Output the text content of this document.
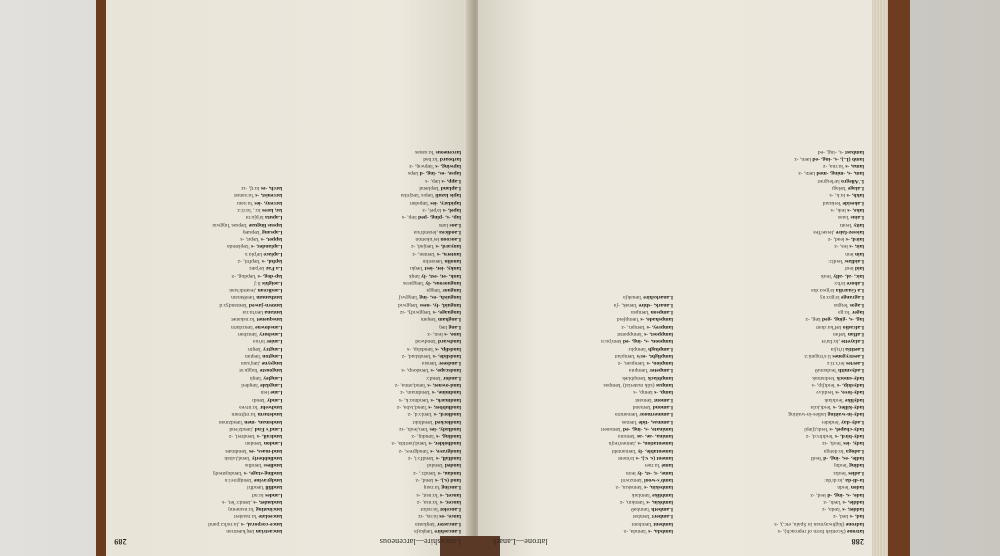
Lancashire—larceneous
289
Lancashire 'læŋkəʃə
Lancaster 'læŋkəstə
lance, -es lɑːns, -ɪz
Lancelot 'lɑːnslɒt
lancer, -s 'lɑːnsə, -z
lancet, -s 'lɑːnsɪt, -s
Lancing 'lɑːnsɪŋ
land (s.), -s lænd, -z
landau, -s 'lændɔː, -z
landed 'lændɪd
landfall, -s 'lændfɔːl, -z
landgrave, -s 'lændgreɪv, -z
landholder, -s 'lænd,həʊldə, -z
landing, -s 'lændɪŋ, -z
landlady, -ies 'læn,leɪdɪ, -ɪz
landlocked 'lændlɒkt
landlord, -s 'lænlɔːd, -z
landlubber, -s 'lænd,lʌbə, -z
landmark, -s 'lændmɑːk, -s
landmine, -s 'lændmaɪn, -z
land-owner, -s 'lænd,əʊnə, -z
Landor 'lændɔː
landscape, -s 'lænskeɪp, -s
Landseer 'lænsɪə
landslide, -s 'lændslaɪd, -z
landslip, -s 'lændslɪp, -s
landward 'lændwəd
lane, -s leɪn, -z
Lang læŋ
Langham 'læŋəm
language, -s 'læŋgwɪdʒ, -ɪz
languid, -ly, -ness 'læŋgwɪd
languish, -es, -ing 'læŋgwɪʃ
languor 'læŋgə
languorous, -ly 'læŋgərəs
lank, -er, -est, -ly læŋk
lanky, -ier, -iest 'læŋkɪ
lanolin 'lænəʊlɪn
lantern, -s 'læntən, -z
lanyard, -s 'lænjəd, -z
Laocoon leɪ'ɒkəʊɒn
Laodicea ,leɪəʊdɪ'sɪə
Laos laʊs
lap, -s, -ping, -ped læp, -s
lapel, -s lə'pel, -z
lapidary, -ies 'læpɪdərɪ
lapis lazuli 'læpɪs 'læzjʊlaɪ
Lapland 'læplænd
Lapp, -s læp, -s
lapse, -es, -ing, -d læps
lapwing, -s 'læpwɪŋ, -z
larboard 'lɑːbəd
larceneous 'lɑːsənəs
lancastrian læŋ'kæstrɪən
lance-corporal, -s ,lɑːns'kɔːpərəl
lanceolate 'lɑːnsɪəleɪt
lancinating 'lɑːnsɪneɪtɪŋ
landaulet, -s ,lændɔː'let, -s
Landes lɑːnd
landfill 'lændfɪl
landgravine 'lændgrəviːn
landing-stage, -s 'lændɪŋsteɪdʒ
landless 'lændlɪs
landlubberly 'lænd,lʌbəlɪ
land-mass, -es 'lændmæs
Landon 'lændən
landrail, -s 'lændreɪl, -z
Land's End ,lændz'end
landsman, -men 'lændzmən
landsturm 'lɑːntʃtʊəm
landwehr 'lɑːntveə
Landy 'lændɪ
Lane leɪn
Langdale 'læŋdeɪl
Langley 'læŋlɪ
langouste 'lɒŋguːst
langsyne ,læŋ'saɪn
Langton 'læŋtən
Langtry 'læŋtrɪ
Lanier lə'nɪə
Lansbury 'lænzbərɪ
Lansdowne 'lænzdaʊn
lansquenet 'lɑːnskənet
lantana læn'tɑːnə
lantern-jawed 'læntəndʒɔːd
lanthanum 'lænθənəm
Laodicean ,leɪəʊdɪ'sɪən
Laoighis liːʃ
lap-dog, -s 'læpdɒg, -z
La Paz læ'pæz
lapful, -s 'læpfʊl, -z
Laplace læ'plɑːs
Laplander, -s 'læplændə
lappet, -s 'læpɪt, -s
Lapsang 'læpsæŋ
lapsus linguae 'læpsəs 'lɪŋgwaɪ
Laputa lə'pjuːtə
lar, lares lɑː, 'lɑːriːz
larceny, -ies 'lɑːsənɪ
larcenist, -s 'lɑːsənɪst
larch, -es lɑːtʃ, -ɪz
288
latrone—Lanark
latrone (Scottish form of reproach), -s
ladrone (highwayman in Spain, etc.), -s
lad, -s læd, -z
ladder, -s 'lædə, -z
laddie, -s 'lædɪ, -z
lade, -s, -ing, -d leɪd, -z
laden 'leɪdn
la-di-da ,lɑːdɪ'dɑː
Ladies 'leɪdɪz
lading 'leɪdɪŋ
ladle, -es, -ing, -d 'leɪdl
Ladoga 'lɑːdəʊgə
lady, -ies 'leɪdɪ, -ɪz
lady-bird, -s 'leɪdɪbɜːd, -z
lady-chapel, -s 'leɪdɪ,tʃæpl
Lady-day 'leɪdɪdeɪ
lady-in-waiting ladies-in-waiting
lady-killer, -s 'leɪdɪ,kɪlə
ladylike 'leɪdɪlaɪk
lady-love, -s 'leɪdɪlʌv
ladyship, -s 'leɪdɪʃɪp, -s
lady-smock 'leɪdɪsmɒk
Ladysmith 'leɪdɪsmɪθ
Laertes leɪ'ɜːtiːz
Laestrygones liːs'trɪgəniːz
Laetitia lɪ'tɪʃɪə
Lafayette ,lɑːfaɪ'et
Laffan 'læfən
Lafcadio læf'kɑːdɪəʊ
lag, -s, -ging, -ged læg, -z
lager 'lɑːgə
Lagos 'leɪgɒs
Lagrange lə'grɑːnʒ
La Guardia lə'gwɑːdɪə
Lahore lə'hɔː
laic, -al, -ally 'leɪɪk
laid leɪd
Laidlaw 'leɪdlɔː
lain leɪn
lair, -s leə, -z
laird, -s leəd, -z
laissez-faire ,leɪseɪ'feə
laity 'leɪətɪ
Laius 'laɪəs
lake, -s leɪk, -s
Lakeside 'leɪksaɪd
lakh, -s lɑːk, -s
Lalage 'læləgɪ
L'Allegro læ'leɪgrəʊ
lam, -s, -ming, -med læm, -z
lama, -s 'lɑːmə, -z
lamb (L.), -s, -ing, -ed læm, -z
lambast -s, -ing, -ed
lambda, -s 'læmdə, -z
lambent 'læmbənt
Lambert 'læmbət
Lambeth 'læmbəθ
lambkin, -s 'læmkɪn, -z
lamblike 'læmlaɪk
lambskin, -s 'læmskɪn, -z
lamb's-wool 'læmzwʊl
lame, -r, -st, -ly leɪm
lamé 'lɑːmeɪ
lament (s. v.), -s lə'ment
lamentable, -ly 'læməntəbl
lamentation, -s ,læmen'teɪʃn
lamina, -ae, -as 'læmɪnə
laminate, -s, -ing, -ed 'læmɪneɪt
Lammas, -tide 'læməs
Lammermoor 'læməmʊə
Lamond 'læmənd
Lamont 'læmənt
lamp, -s læmp, -s
lampas (silk material) 'læmpəs
lampblack 'læmpblæk
Lampeter 'læmpɪtə
lampion, -s 'læmpɪən, -z
lamplight, -er/s 'læmplaɪt
Lamplugh 'læmpluː
lampoon, -s, -ing, -ed læm'puːn
lamppost, -s 'læmppəʊst
lamprey, -s 'læmprɪ, -z
lampshade, -s 'læmpʃeɪd
Lampson 'læmpsn
Lanark, -shire 'lænək, -ʃə
Lanarkshire 'lænəkʃə
